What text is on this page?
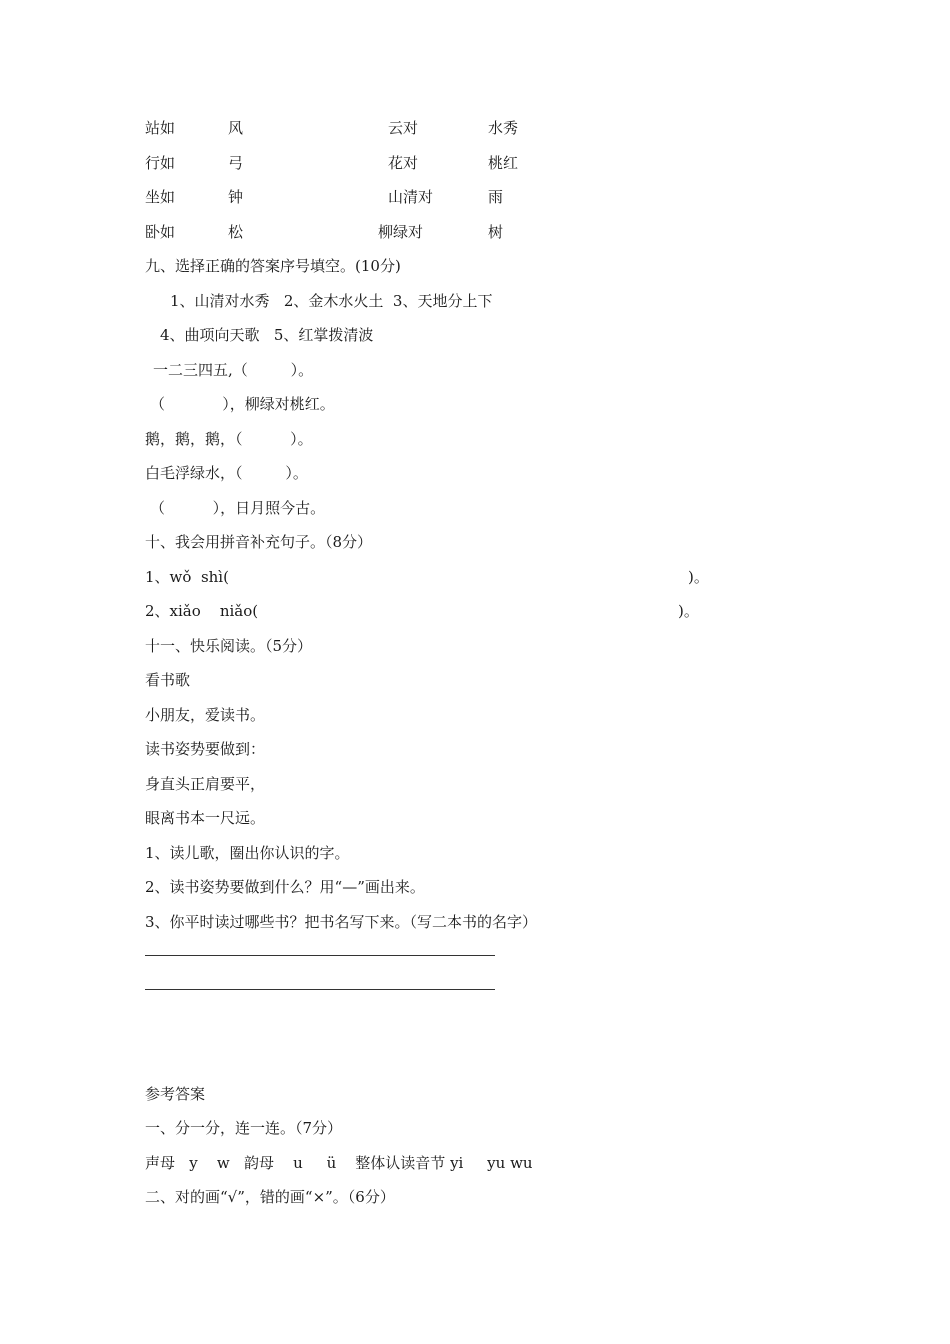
站如	风	云对	水秀
行如	弓	花对	桃红
坐如	钟	山清对	雨
卧如	松	柳绿对	树
九、选择正确的答案序号填空。(10分)
1、山清对水秀   2、金木水火土  3、天地分上下
4、曲项向天歌   5、红掌拨清波
一二三四五,（         ）。
（            ），柳绿对桃红。
鹅，鹅，鹅，（          ）。
白毛浮绿水，（         ）。
（          ），日月照今古。
十、我会用拼音补充句子。（8分）
1、wǒ  shì(	)。
2、xiǎo    niǎo(	)。
十一、快乐阅读。（5分）
看书歌
小朋友，爱读书。
读书姿势要做到：
身直头正肩要平，
眼离书本一尺远。
1、读儿歌，圈出你认识的字。
2、读书姿势要做到什么？用“—”画出来。
3、你平时读过哪些书？把书名写下来。（写二本书的名字）
参考答案
一、分一分，连一连。（7分）
声母   y    w   韵母    u     ü    整体认读音节 yi     yu wu
二、对的画“√”，错的画“×”。（6分）
